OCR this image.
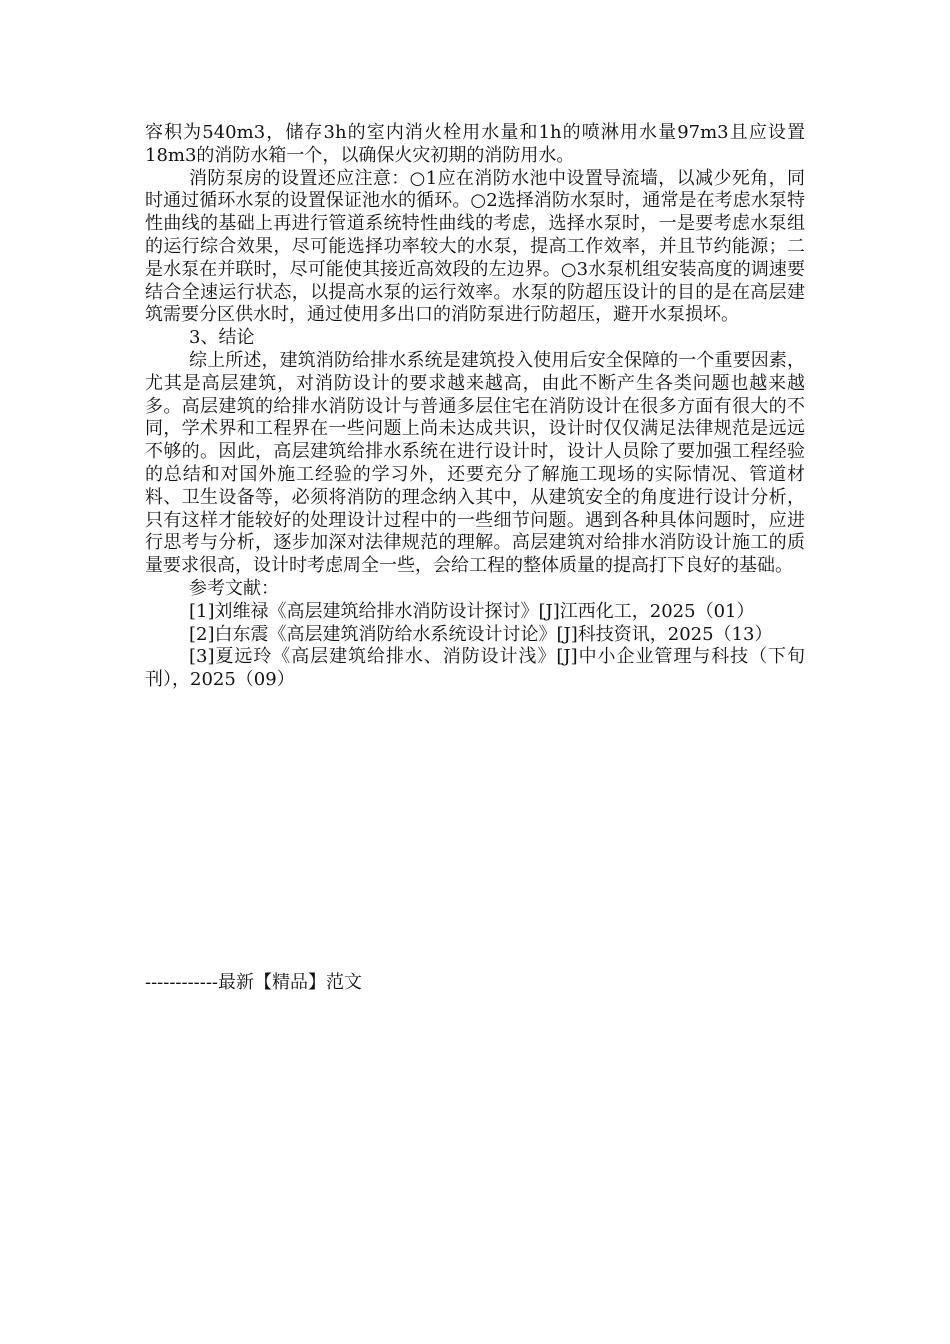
容积为540m3，储存3h的室内消火栓用水量和1h的喷淋用水量97m3且应设置18m3的消防水箱一个，以确保火灾初期的消防用水。

消防泵房的设置还应注意：○1应在消防水池中设置导流墙，以减少死角，同时通过循环水泵的设置保证池水的循环。○2选择消防水泵时，通常是在考虑水泵特性曲线的基础上再进行管道系统特性曲线的考虑，选择水泵时，一是要考虑水泵组的运行综合效果，尽可能选择功率较大的水泵，提高工作效率，并且节约能源；二是水泵在并联时，尽可能使其接近高效段的左边界。○3水泵机组安装高度的调速要结合全速运行状态，以提高水泵的运行效率。水泵的防超压设计的目的是在高层建筑需要分区供水时，通过使用多出口的消防泵进行防超压，避开水泵损坏。

3、结论

综上所述，建筑消防给排水系统是建筑投入使用后安全保障的一个重要因素，尤其是高层建筑，对消防设计的要求越来越高，由此不断产生各类问题也越来越多。高层建筑的给排水消防设计与普通多层住宅在消防设计在很多方面有很大的不同，学术界和工程界在一些问题上尚未达成共识，设计时仅仅满足法律规范是远远不够的。因此，高层建筑给排水系统在进行设计时，设计人员除了要加强工程经验的总结和对国外施工经验的学习外，还要充分了解施工现场的实际情况、管道材料、卫生设备等，必须将消防的理念纳入其中，从建筑安全的角度进行设计分析，只有这样才能较好的处理设计过程中的一些细节问题。遇到各种具体问题时，应进行思考与分析，逐步加深对法律规范的理解。高层建筑对给排水消防设计施工的质量要求很高，设计时考虑周全一些，会给工程的整体质量的提高打下良好的基础。

参考文献：

[1]刘维禄《高层建筑给排水消防设计探讨》[J]江西化工，2025（01）

[2]白东震《高层建筑消防给水系统设计讨论》[J]科技资讯，2025（13）

[3]夏远玲《高层建筑给排水、消防设计浅》[J]中小企业管理与科技（下旬刊），2025（09）

------------最新【精品】范文
